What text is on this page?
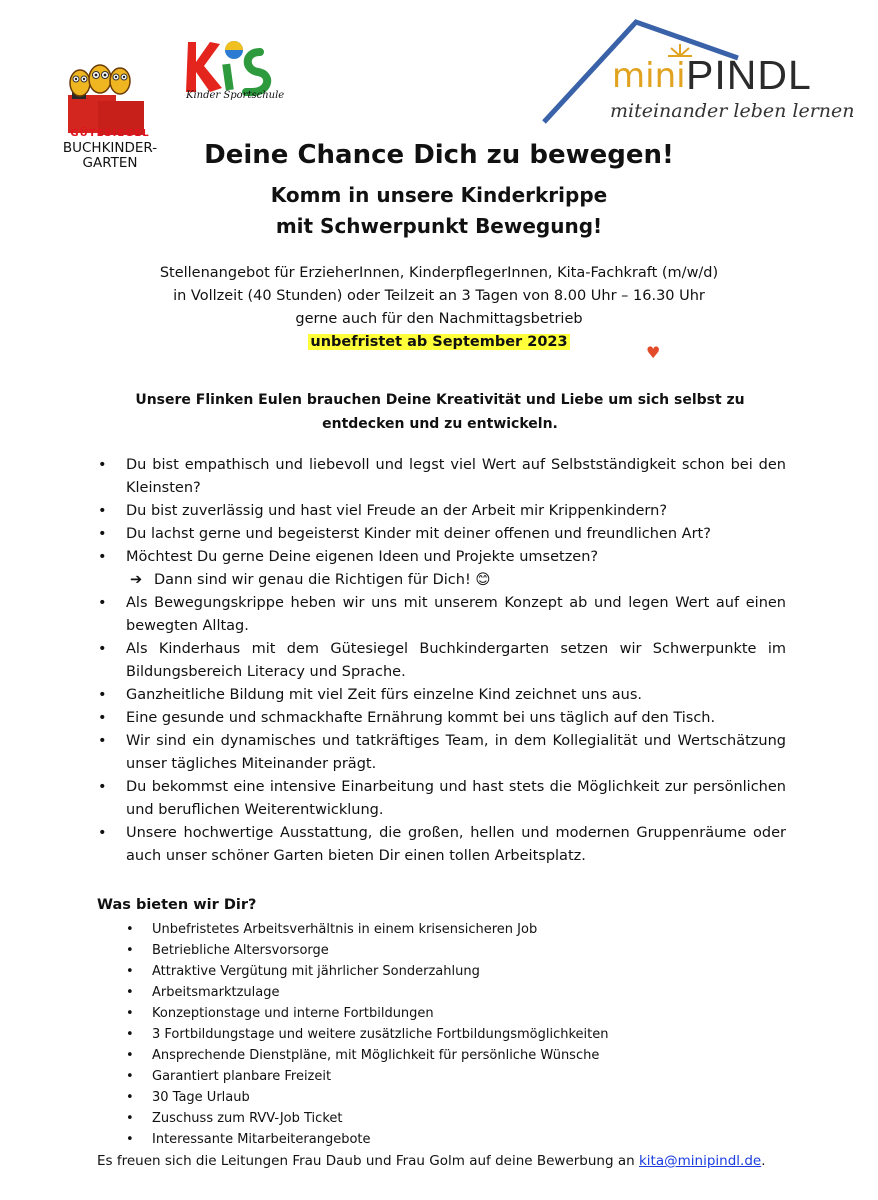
GÜTESIEGEL
BUCHKINDER-
GARTEN
Kinder Sportschule	mini PINDL
miteinander leben lernen
Deine Chance Dich zu bewegen!
Komm in unsere Kinderkrippe
mit Schwerpunkt Bewegung!
Stellenangebot für ErzieherInnen, KinderpflegerInnen, Kita-Fachkraft (m/w/d)
in Vollzeit (40 Stunden) oder Teilzeit an 3 Tagen von 8.00 Uhr – 16.30 Uhr
gerne auch für den Nachmittagsbetrieb
unbefristet ab September 2023
♥
Unsere Flinken Eulen brauchen Deine Kreativität und Liebe um sich selbst zu
entdecken und zu entwickeln.
• Du bist empathisch und liebevoll und legst viel Wert auf Selbstständigkeit schon bei den Kleinsten?
• Du bist zuverlässig und hast viel Freude an der Arbeit mir Krippenkindern?
• Du lachst gerne und begeisterst Kinder mit deiner offenen und freundlichen Art?
• Möchtest Du gerne Deine eigenen Ideen und Projekte umsetzen?
➔ Dann sind wir genau die Richtigen für Dich! 😊
• Als Bewegungskrippe heben wir uns mit unserem Konzept ab und legen Wert auf einen bewegten Alltag.
• Als Kinderhaus mit dem Gütesiegel Buchkindergarten setzen wir Schwerpunkte im Bildungsbereich Literacy und Sprache.
• Ganzheitliche Bildung mit viel Zeit fürs einzelne Kind zeichnet uns aus.
• Eine gesunde und schmackhafte Ernährung kommt bei uns täglich auf den Tisch.
• Wir sind ein dynamisches und tatkräftiges Team, in dem Kollegialität und Wertschätzung unser tägliches Miteinander prägt.
• Du bekommst eine intensive Einarbeitung und hast stets die Möglichkeit zur persönlichen und beruflichen Weiterentwicklung.
• Unsere hochwertige Ausstattung, die großen, hellen und modernen Gruppenräume oder auch unser schöner Garten bieten Dir einen tollen Arbeitsplatz.
Was bieten wir Dir?
• Unbefristetes Arbeitsverhältnis in einem krisensicheren Job
• Betriebliche Altersvorsorge
• Attraktive Vergütung mit jährlicher Sonderzahlung
• Arbeitsmarktzulage
• Konzeptionstage und interne Fortbildungen
• 3 Fortbildungstage und weitere zusätzliche Fortbildungsmöglichkeiten
• Ansprechende Dienstpläne, mit Möglichkeit für persönliche Wünsche
• Garantiert planbare Freizeit
• 30 Tage Urlaub
• Zuschuss zum RVV-Job Ticket
• Interessante Mitarbeiterangebote
Es freuen sich die Leitungen Frau Daub und Frau Golm auf deine Bewerbung an kita@minipindl.de.
